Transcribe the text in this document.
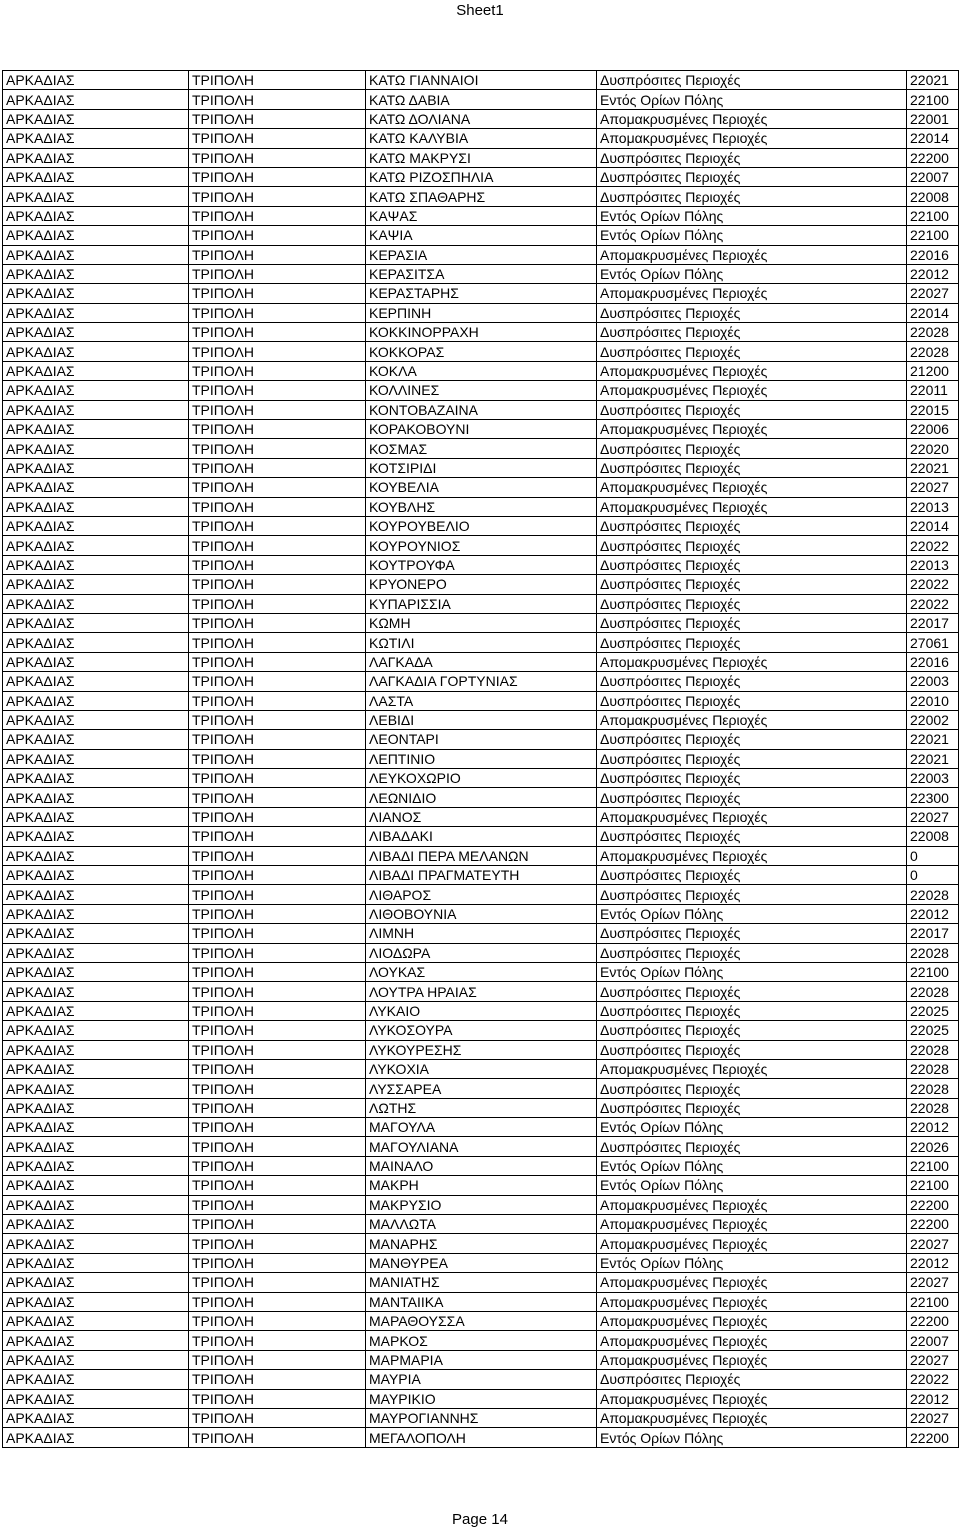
Sheet1
ΑΡΚΑΔΙΑΣ	ΤΡΙΠΟΛΗ	ΚΑΤΩ ΓΙΑΝΝΑΙΟΙ	Δυσπρόσιτες Περιοχές	22021
ΑΡΚΑΔΙΑΣ	ΤΡΙΠΟΛΗ	ΚΑΤΩ ΔΑΒΙΑ	Εντός Ορίων Πόλης	22100
ΑΡΚΑΔΙΑΣ	ΤΡΙΠΟΛΗ	ΚΑΤΩ ΔΟΛΙΑΝΑ	Απομακρυσμένες Περιοχές	22001
ΑΡΚΑΔΙΑΣ	ΤΡΙΠΟΛΗ	ΚΑΤΩ ΚΑΛΥΒΙΑ	Απομακρυσμένες Περιοχές	22014
ΑΡΚΑΔΙΑΣ	ΤΡΙΠΟΛΗ	ΚΑΤΩ ΜΑΚΡΥΣΙ	Δυσπρόσιτες Περιοχές	22200
ΑΡΚΑΔΙΑΣ	ΤΡΙΠΟΛΗ	ΚΑΤΩ ΡΙΖΟΣΠΗΛΙΑ	Δυσπρόσιτες Περιοχές	22007
ΑΡΚΑΔΙΑΣ	ΤΡΙΠΟΛΗ	ΚΑΤΩ ΣΠΑΘΑΡΗΣ	Δυσπρόσιτες Περιοχές	22008
ΑΡΚΑΔΙΑΣ	ΤΡΙΠΟΛΗ	ΚΑΨΑΣ	Εντός Ορίων Πόλης	22100
ΑΡΚΑΔΙΑΣ	ΤΡΙΠΟΛΗ	ΚΑΨΙΑ	Εντός Ορίων Πόλης	22100
ΑΡΚΑΔΙΑΣ	ΤΡΙΠΟΛΗ	ΚΕΡΑΣΙΑ	Απομακρυσμένες Περιοχές	22016
ΑΡΚΑΔΙΑΣ	ΤΡΙΠΟΛΗ	ΚΕΡΑΣΙΤΣΑ	Εντός Ορίων Πόλης	22012
ΑΡΚΑΔΙΑΣ	ΤΡΙΠΟΛΗ	ΚΕΡΑΣΤΑΡΗΣ	Απομακρυσμένες Περιοχές	22027
ΑΡΚΑΔΙΑΣ	ΤΡΙΠΟΛΗ	ΚΕΡΠΙΝΗ	Δυσπρόσιτες Περιοχές	22014
ΑΡΚΑΔΙΑΣ	ΤΡΙΠΟΛΗ	ΚΟΚΚΙΝΟΡΡΑΧΗ	Δυσπρόσιτες Περιοχές	22028
ΑΡΚΑΔΙΑΣ	ΤΡΙΠΟΛΗ	ΚΟΚΚΟΡΑΣ	Δυσπρόσιτες Περιοχές	22028
ΑΡΚΑΔΙΑΣ	ΤΡΙΠΟΛΗ	ΚΟΚΛΑ	Απομακρυσμένες Περιοχές	21200
ΑΡΚΑΔΙΑΣ	ΤΡΙΠΟΛΗ	ΚΟΛΛΙΝΕΣ	Απομακρυσμένες Περιοχές	22011
ΑΡΚΑΔΙΑΣ	ΤΡΙΠΟΛΗ	ΚΟΝΤΟΒΑΖΑΙΝΑ	Δυσπρόσιτες Περιοχές	22015
ΑΡΚΑΔΙΑΣ	ΤΡΙΠΟΛΗ	ΚΟΡΑΚΟΒΟΥΝΙ	Απομακρυσμένες Περιοχές	22006
ΑΡΚΑΔΙΑΣ	ΤΡΙΠΟΛΗ	ΚΟΣΜΑΣ	Δυσπρόσιτες Περιοχές	22020
ΑΡΚΑΔΙΑΣ	ΤΡΙΠΟΛΗ	ΚΟΤΣΙΡΙΔΙ	Δυσπρόσιτες Περιοχές	22021
ΑΡΚΑΔΙΑΣ	ΤΡΙΠΟΛΗ	ΚΟΥΒΕΛΙΑ	Απομακρυσμένες Περιοχές	22027
ΑΡΚΑΔΙΑΣ	ΤΡΙΠΟΛΗ	ΚΟΥΒΛΗΣ	Απομακρυσμένες Περιοχές	22013
ΑΡΚΑΔΙΑΣ	ΤΡΙΠΟΛΗ	ΚΟΥΡΟΥΒΕΛΙΟ	Δυσπρόσιτες Περιοχές	22014
ΑΡΚΑΔΙΑΣ	ΤΡΙΠΟΛΗ	ΚΟΥΡΟΥΝΙΟΣ	Δυσπρόσιτες Περιοχές	22022
ΑΡΚΑΔΙΑΣ	ΤΡΙΠΟΛΗ	ΚΟΥΤΡΟΥΦΑ	Δυσπρόσιτες Περιοχές	22013
ΑΡΚΑΔΙΑΣ	ΤΡΙΠΟΛΗ	ΚΡΥΟΝΕΡΟ	Δυσπρόσιτες Περιοχές	22022
ΑΡΚΑΔΙΑΣ	ΤΡΙΠΟΛΗ	ΚΥΠΑΡΙΣΣΙΑ	Δυσπρόσιτες Περιοχές	22022
ΑΡΚΑΔΙΑΣ	ΤΡΙΠΟΛΗ	ΚΩΜΗ	Δυσπρόσιτες Περιοχές	22017
ΑΡΚΑΔΙΑΣ	ΤΡΙΠΟΛΗ	ΚΩΤΙΛΙ	Δυσπρόσιτες Περιοχές	27061
ΑΡΚΑΔΙΑΣ	ΤΡΙΠΟΛΗ	ΛΑΓΚΑΔΑ	Απομακρυσμένες Περιοχές	22016
ΑΡΚΑΔΙΑΣ	ΤΡΙΠΟΛΗ	ΛΑΓΚΑΔΙΑ ΓΟΡΤΥΝΙΑΣ	Δυσπρόσιτες Περιοχές	22003
ΑΡΚΑΔΙΑΣ	ΤΡΙΠΟΛΗ	ΛΑΣΤΑ	Δυσπρόσιτες Περιοχές	22010
ΑΡΚΑΔΙΑΣ	ΤΡΙΠΟΛΗ	ΛΕΒΙΔΙ	Απομακρυσμένες Περιοχές	22002
ΑΡΚΑΔΙΑΣ	ΤΡΙΠΟΛΗ	ΛΕΟΝΤΑΡΙ	Δυσπρόσιτες Περιοχές	22021
ΑΡΚΑΔΙΑΣ	ΤΡΙΠΟΛΗ	ΛΕΠΤΙΝΙΟ	Δυσπρόσιτες Περιοχές	22021
ΑΡΚΑΔΙΑΣ	ΤΡΙΠΟΛΗ	ΛΕΥΚΟΧΩΡΙΟ	Δυσπρόσιτες Περιοχές	22003
ΑΡΚΑΔΙΑΣ	ΤΡΙΠΟΛΗ	ΛΕΩΝΙΔΙΟ	Δυσπρόσιτες Περιοχές	22300
ΑΡΚΑΔΙΑΣ	ΤΡΙΠΟΛΗ	ΛΙΑΝΟΣ	Απομακρυσμένες Περιοχές	22027
ΑΡΚΑΔΙΑΣ	ΤΡΙΠΟΛΗ	ΛΙΒΑΔΑΚΙ	Δυσπρόσιτες Περιοχές	22008
ΑΡΚΑΔΙΑΣ	ΤΡΙΠΟΛΗ	ΛΙΒΑΔΙ ΠΕΡΑ ΜΕΛΑΝΩΝ	Απομακρυσμένες Περιοχές	0
ΑΡΚΑΔΙΑΣ	ΤΡΙΠΟΛΗ	ΛΙΒΑΔΙ ΠΡΑΓΜΑΤΕΥΤΗ	Δυσπρόσιτες Περιοχές	0
ΑΡΚΑΔΙΑΣ	ΤΡΙΠΟΛΗ	ΛΙΘΑΡΟΣ	Δυσπρόσιτες Περιοχές	22028
ΑΡΚΑΔΙΑΣ	ΤΡΙΠΟΛΗ	ΛΙΘΟΒΟΥΝΙΑ	Εντός Ορίων Πόλης	22012
ΑΡΚΑΔΙΑΣ	ΤΡΙΠΟΛΗ	ΛΙΜΝΗ	Δυσπρόσιτες Περιοχές	22017
ΑΡΚΑΔΙΑΣ	ΤΡΙΠΟΛΗ	ΛΙΟΔΩΡΑ	Δυσπρόσιτες Περιοχές	22028
ΑΡΚΑΔΙΑΣ	ΤΡΙΠΟΛΗ	ΛΟΥΚΑΣ	Εντός Ορίων Πόλης	22100
ΑΡΚΑΔΙΑΣ	ΤΡΙΠΟΛΗ	ΛΟΥΤΡΑ ΗΡΑΙΑΣ	Δυσπρόσιτες Περιοχές	22028
ΑΡΚΑΔΙΑΣ	ΤΡΙΠΟΛΗ	ΛΥΚΑΙΟ	Δυσπρόσιτες Περιοχές	22025
ΑΡΚΑΔΙΑΣ	ΤΡΙΠΟΛΗ	ΛΥΚΟΣΟΥΡΑ	Δυσπρόσιτες Περιοχές	22025
ΑΡΚΑΔΙΑΣ	ΤΡΙΠΟΛΗ	ΛΥΚΟΥΡΕΣΗΣ	Δυσπρόσιτες Περιοχές	22028
ΑΡΚΑΔΙΑΣ	ΤΡΙΠΟΛΗ	ΛΥΚΟΧΙΑ	Απομακρυσμένες Περιοχές	22028
ΑΡΚΑΔΙΑΣ	ΤΡΙΠΟΛΗ	ΛΥΣΣΑΡΕΑ	Δυσπρόσιτες Περιοχές	22028
ΑΡΚΑΔΙΑΣ	ΤΡΙΠΟΛΗ	ΛΩΤΗΣ	Δυσπρόσιτες Περιοχές	22028
ΑΡΚΑΔΙΑΣ	ΤΡΙΠΟΛΗ	ΜΑΓΟΥΛΑ	Εντός Ορίων Πόλης	22012
ΑΡΚΑΔΙΑΣ	ΤΡΙΠΟΛΗ	ΜΑΓΟΥΛΙΑΝΑ	Δυσπρόσιτες Περιοχές	22026
ΑΡΚΑΔΙΑΣ	ΤΡΙΠΟΛΗ	ΜΑΙΝΑΛΟ	Εντός Ορίων Πόλης	22100
ΑΡΚΑΔΙΑΣ	ΤΡΙΠΟΛΗ	ΜΑΚΡΗ	Εντός Ορίων Πόλης	22100
ΑΡΚΑΔΙΑΣ	ΤΡΙΠΟΛΗ	ΜΑΚΡΥΣΙΟ	Απομακρυσμένες Περιοχές	22200
ΑΡΚΑΔΙΑΣ	ΤΡΙΠΟΛΗ	ΜΑΛΛΩΤΑ	Απομακρυσμένες Περιοχές	22200
ΑΡΚΑΔΙΑΣ	ΤΡΙΠΟΛΗ	ΜΑΝΑΡΗΣ	Απομακρυσμένες Περιοχές	22027
ΑΡΚΑΔΙΑΣ	ΤΡΙΠΟΛΗ	ΜΑΝΘΥΡΕΑ	Εντός Ορίων Πόλης	22012
ΑΡΚΑΔΙΑΣ	ΤΡΙΠΟΛΗ	ΜΑΝΙΑΤΗΣ	Απομακρυσμένες Περιοχές	22027
ΑΡΚΑΔΙΑΣ	ΤΡΙΠΟΛΗ	ΜΑΝΤΑΙΙΚΑ	Απομακρυσμένες Περιοχές	22100
ΑΡΚΑΔΙΑΣ	ΤΡΙΠΟΛΗ	ΜΑΡΑΘΟΥΣΣΑ	Απομακρυσμένες Περιοχές	22200
ΑΡΚΑΔΙΑΣ	ΤΡΙΠΟΛΗ	ΜΑΡΚΟΣ	Απομακρυσμένες Περιοχές	22007
ΑΡΚΑΔΙΑΣ	ΤΡΙΠΟΛΗ	ΜΑΡΜΑΡΙΑ	Απομακρυσμένες Περιοχές	22027
ΑΡΚΑΔΙΑΣ	ΤΡΙΠΟΛΗ	ΜΑΥΡΙΑ	Δυσπρόσιτες Περιοχές	22022
ΑΡΚΑΔΙΑΣ	ΤΡΙΠΟΛΗ	ΜΑΥΡΙΚΙΟ	Απομακρυσμένες Περιοχές	22012
ΑΡΚΑΔΙΑΣ	ΤΡΙΠΟΛΗ	ΜΑΥΡΟΓΙΑΝΝΗΣ	Απομακρυσμένες Περιοχές	22027
ΑΡΚΑΔΙΑΣ	ΤΡΙΠΟΛΗ	ΜΕΓΑΛΟΠΟΛΗ	Εντός Ορίων Πόλης	22200
Page 14
